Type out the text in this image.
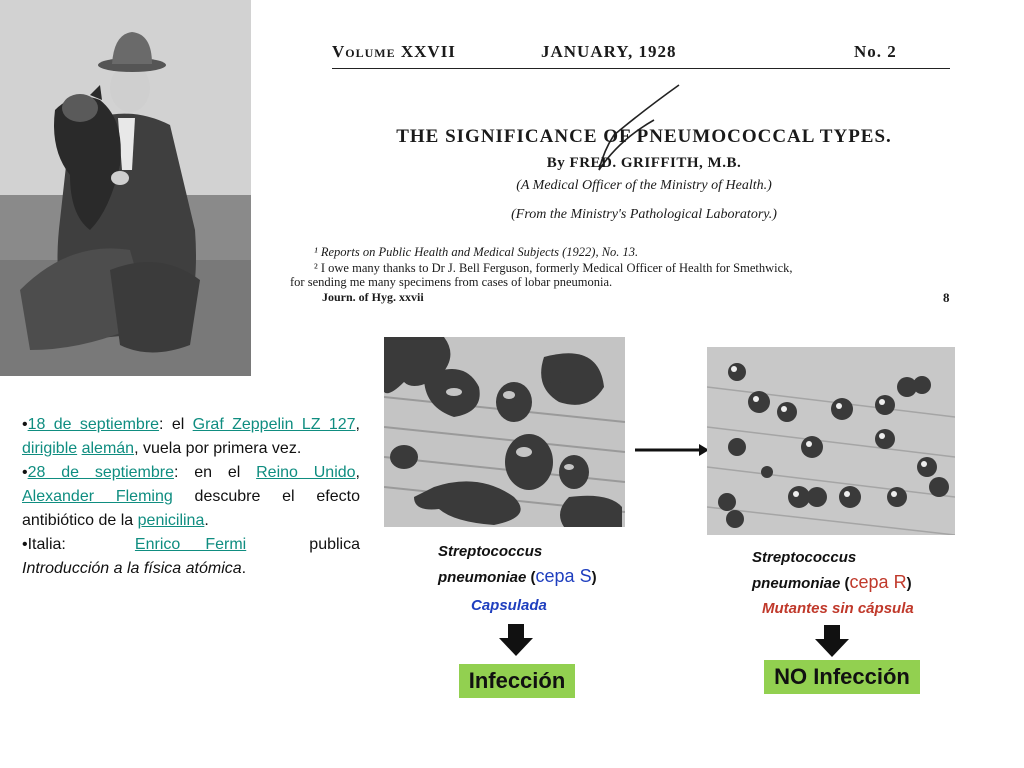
Volume XXVII	JANUARY, 1928	No. 2
THE SIGNIFICANCE OF PNEUMOCOCCAL TYPES.
By FRED. GRIFFITH, M.B.
(A Medical Officer of the Ministry of Health.)
(From the Ministry's Pathological Laboratory.)
¹ Reports on Public Health and Medical Subjects (1922), No. 13.
² I owe many thanks to Dr J. Bell Ferguson, formerly Medical Officer of Health for Smethwick,
for sending me many specimens from cases of lobar pneumonia.
Journ. of Hyg. xxvii	8

•18 de septiembre: el Graf Zeppelin LZ 127, dirigible alemán, vuela por primera vez.

•28 de septiembre: en el Reino Unido, Alexander Fleming descubre el efecto antibiótico de la penicilina.

•Italia:	Enrico Fermi publica Introducción a la física atómica.

Streptococcus
pneumoniae (cepa S)
Capsulada
Infección
Streptococcus
pneumoniae (cepa R)
Mutantes sin cápsula
NO Infección
